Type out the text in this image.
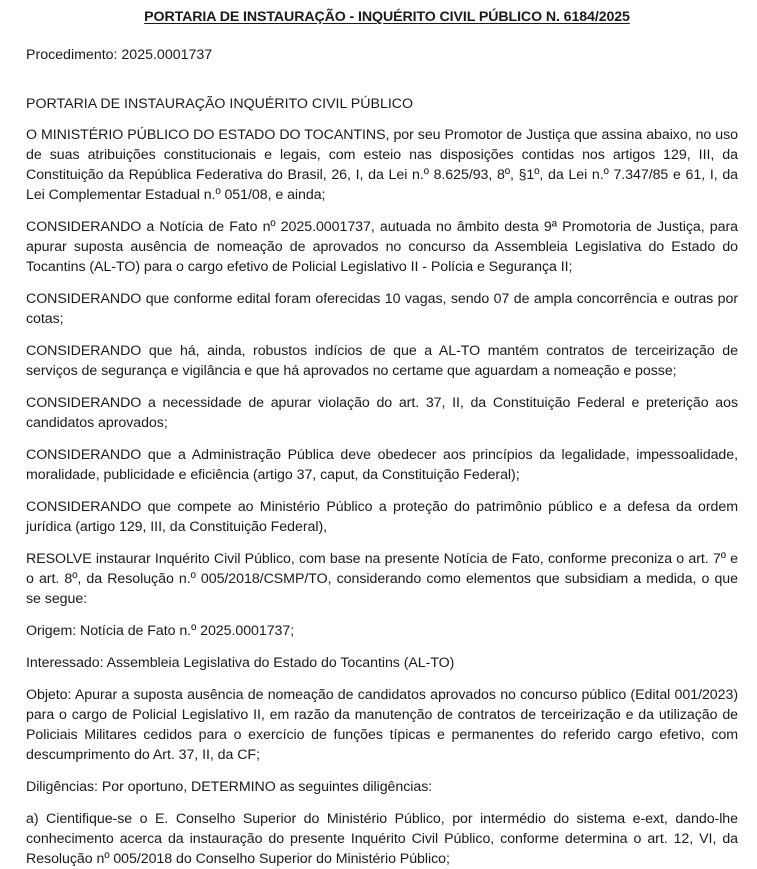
PORTARIA DE INSTAURAÇÃO - INQUÉRITO CIVIL PÚBLICO N. 6184/2025

Procedimento: 2025.0001737

PORTARIA DE INSTAURAÇÃO INQUÉRITO CIVIL PÚBLICO

O MINISTÉRIO PÚBLICO DO ESTADO DO TOCANTINS, por seu Promotor de Justiça que assina abaixo, no uso de suas atribuições constitucionais e legais, com esteio nas disposições contidas nos artigos 129, III, da Constituição da República Federativa do Brasil, 26, I, da Lei n.º 8.625/93, 8º, §1º, da Lei n.º 7.347/85 e 61, I, da Lei Complementar Estadual n.º 051/08, e ainda;

CONSIDERANDO a Notícia de Fato nº 2025.0001737, autuada no âmbito desta 9ª Promotoria de Justiça, para apurar suposta ausência de nomeação de aprovados no concurso da Assembleia Legislativa do Estado do Tocantins (AL-TO) para o cargo efetivo de Policial Legislativo II - Polícia e Segurança II;

CONSIDERANDO que conforme edital foram oferecidas 10 vagas, sendo 07 de ampla concorrência e outras por cotas;

CONSIDERANDO que há, ainda, robustos indícios de que a AL-TO mantém contratos de terceirização de serviços de segurança e vigilância e que há aprovados no certame que aguardam a nomeação e posse;

CONSIDERANDO a necessidade de apurar violação do art. 37, II, da Constituição Federal e preterição aos candidatos aprovados;

CONSIDERANDO que a Administração Pública deve obedecer aos princípios da legalidade, impessoalidade, moralidade, publicidade e eficiência (artigo 37, caput, da Constituição Federal);

CONSIDERANDO que compete ao Ministério Público a proteção do patrimônio público e a defesa da ordem jurídica (artigo 129, III, da Constituição Federal),

RESOLVE instaurar Inquérito Civil Público, com base na presente Notícia de Fato, conforme preconiza o art. 7º e o art. 8º, da Resolução n.º 005/2018/CSMP/TO, considerando como elementos que subsidiam a medida, o que se segue:

Origem: Notícia de Fato n.º 2025.0001737;

Interessado: Assembleia Legislativa do Estado do Tocantins (AL-TO)

Objeto: Apurar a suposta ausência de nomeação de candidatos aprovados no concurso público (Edital 001/2023) para o cargo de Policial Legislativo II, em razão da manutenção de contratos de terceirização e da utilização de Policiais Militares cedidos para o exercício de funções típicas e permanentes do referido cargo efetivo, com descumprimento do Art. 37, II, da CF;

Diligências: Por oportuno, DETERMINO as seguintes diligências:

a) Cientifique-se o E. Conselho Superior do Ministério Público, por intermédio do sistema e-ext, dando-lhe conhecimento acerca da instauração do presente Inquérito Civil Público, conforme determina o art. 12, VI, da Resolução nº 005/2018 do Conselho Superior do Ministério Público;
